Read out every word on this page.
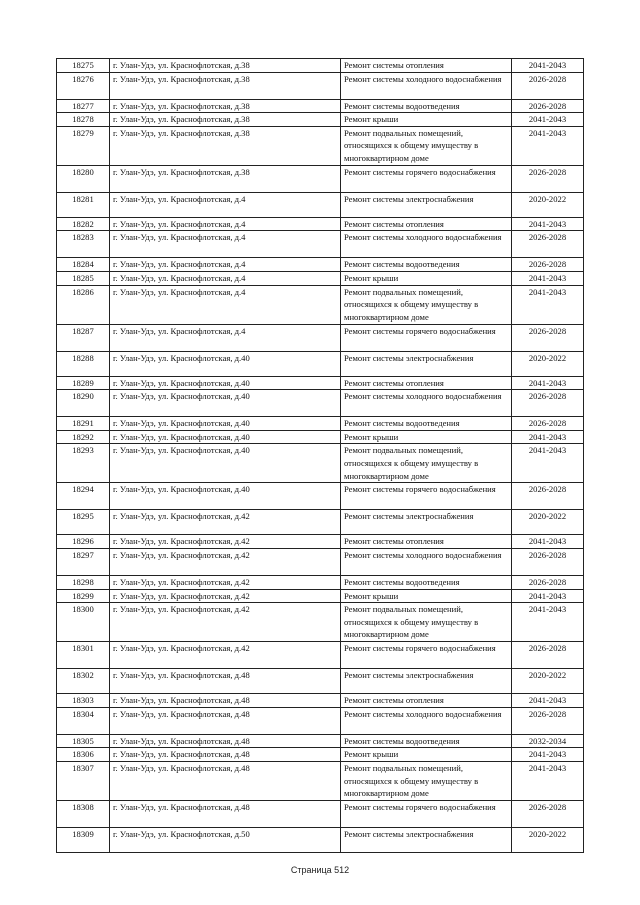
18275	г. Улан-Удэ, ул. Краснофлотская, д.38	Ремонт системы отопления	2041-2043
18276	г. Улан-Удэ, ул. Краснофлотская, д.38	Ремонт системы холодного водоснабжения	2026-2028
18277	г. Улан-Удэ, ул. Краснофлотская, д.38	Ремонт системы водоотведения	2026-2028
18278	г. Улан-Удэ, ул. Краснофлотская, д.38	Ремонт крыши	2041-2043
18279	г. Улан-Удэ, ул. Краснофлотская, д.38	Ремонт подвальных помещений, относящихся к общему имуществу в многоквартирном доме	2041-2043
18280	г. Улан-Удэ, ул. Краснофлотская, д.38	Ремонт системы горячего водоснабжения	2026-2028
18281	г. Улан-Удэ, ул. Краснофлотская, д.4	Ремонт системы электроснабжения	2020-2022
18282	г. Улан-Удэ, ул. Краснофлотская, д.4	Ремонт системы отопления	2041-2043
18283	г. Улан-Удэ, ул. Краснофлотская, д.4	Ремонт системы холодного водоснабжения	2026-2028
18284	г. Улан-Удэ, ул. Краснофлотская, д.4	Ремонт системы водоотведения	2026-2028
18285	г. Улан-Удэ, ул. Краснофлотская, д.4	Ремонт крыши	2041-2043
18286	г. Улан-Удэ, ул. Краснофлотская, д.4	Ремонт подвальных помещений, относящихся к общему имуществу в многоквартирном доме	2041-2043
18287	г. Улан-Удэ, ул. Краснофлотская, д.4	Ремонт системы горячего водоснабжения	2026-2028
18288	г. Улан-Удэ, ул. Краснофлотская, д.40	Ремонт системы электроснабжения	2020-2022
18289	г. Улан-Удэ, ул. Краснофлотская, д.40	Ремонт системы отопления	2041-2043
18290	г. Улан-Удэ, ул. Краснофлотская, д.40	Ремонт системы холодного водоснабжения	2026-2028
18291	г. Улан-Удэ, ул. Краснофлотская, д.40	Ремонт системы водоотведения	2026-2028
18292	г. Улан-Удэ, ул. Краснофлотская, д.40	Ремонт крыши	2041-2043
18293	г. Улан-Удэ, ул. Краснофлотская, д.40	Ремонт подвальных помещений, относящихся к общему имуществу в многоквартирном доме	2041-2043
18294	г. Улан-Удэ, ул. Краснофлотская, д.40	Ремонт системы горячего водоснабжения	2026-2028
18295	г. Улан-Удэ, ул. Краснофлотская, д.42	Ремонт системы электроснабжения	2020-2022
18296	г. Улан-Удэ, ул. Краснофлотская, д.42	Ремонт системы отопления	2041-2043
18297	г. Улан-Удэ, ул. Краснофлотская, д.42	Ремонт системы холодного водоснабжения	2026-2028
18298	г. Улан-Удэ, ул. Краснофлотская, д.42	Ремонт системы водоотведения	2026-2028
18299	г. Улан-Удэ, ул. Краснофлотская, д.42	Ремонт крыши	2041-2043
18300	г. Улан-Удэ, ул. Краснофлотская, д.42	Ремонт подвальных помещений, относящихся к общему имуществу в многоквартирном доме	2041-2043
18301	г. Улан-Удэ, ул. Краснофлотская, д.42	Ремонт системы горячего водоснабжения	2026-2028
18302	г. Улан-Удэ, ул. Краснофлотская, д.48	Ремонт системы электроснабжения	2020-2022
18303	г. Улан-Удэ, ул. Краснофлотская, д.48	Ремонт системы отопления	2041-2043
18304	г. Улан-Удэ, ул. Краснофлотская, д.48	Ремонт системы холодного водоснабжения	2026-2028
18305	г. Улан-Удэ, ул. Краснофлотская, д.48	Ремонт системы водоотведения	2032-2034
18306	г. Улан-Удэ, ул. Краснофлотская, д.48	Ремонт крыши	2041-2043
18307	г. Улан-Удэ, ул. Краснофлотская, д.48	Ремонт подвальных помещений, относящихся к общему имуществу в многоквартирном доме	2041-2043
18308	г. Улан-Удэ, ул. Краснофлотская, д.48	Ремонт системы горячего водоснабжения	2026-2028
18309	г. Улан-Удэ, ул. Краснофлотская, д.50	Ремонт системы электроснабжения	2020-2022
Страница 512
